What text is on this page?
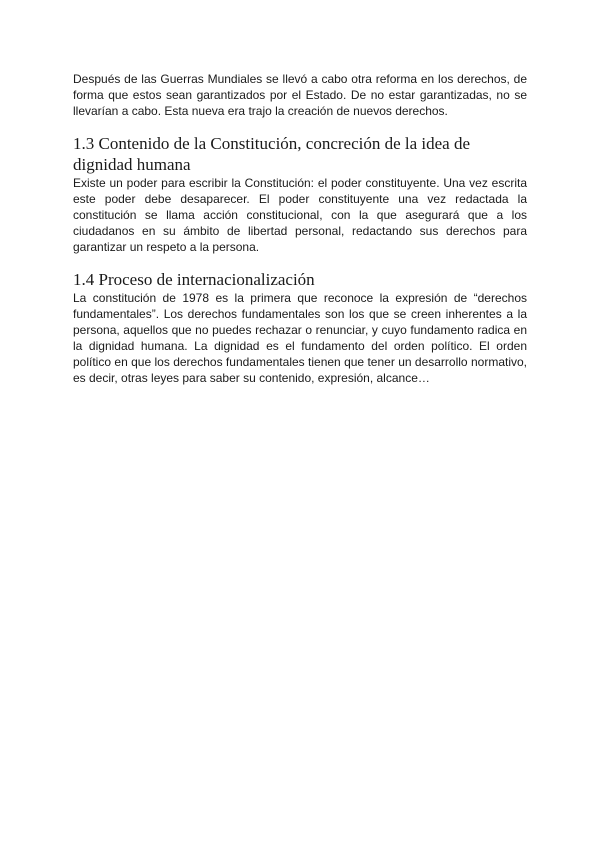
Después de las Guerras Mundiales se llevó a cabo otra reforma en los derechos, de forma que estos sean garantizados por el Estado. De no estar garantizadas, no se llevarían a cabo. Esta nueva era trajo la creación de nuevos derechos.

1.3 Contenido de la Constitución, concreción de la idea de dignidad humana

Existe un poder para escribir la Constitución: el poder constituyente. Una vez escrita este poder debe desaparecer. El poder constituyente una vez redactada la constitución se llama acción constitucional, con la que asegurará que a los ciudadanos en su ámbito de libertad personal, redactando sus derechos para garantizar un respeto a la persona.

1.4 Proceso de internacionalización

La constitución de 1978 es la primera que reconoce la expresión de “derechos fundamentales”. Los derechos fundamentales son los que se creen inherentes a la persona, aquellos que no puedes rechazar o renunciar, y cuyo fundamento radica en la dignidad humana. La dignidad es el fundamento del orden político. El orden político en que los derechos fundamentales tienen que tener un desarrollo normativo, es decir, otras leyes para saber su contenido, expresión, alcance…
